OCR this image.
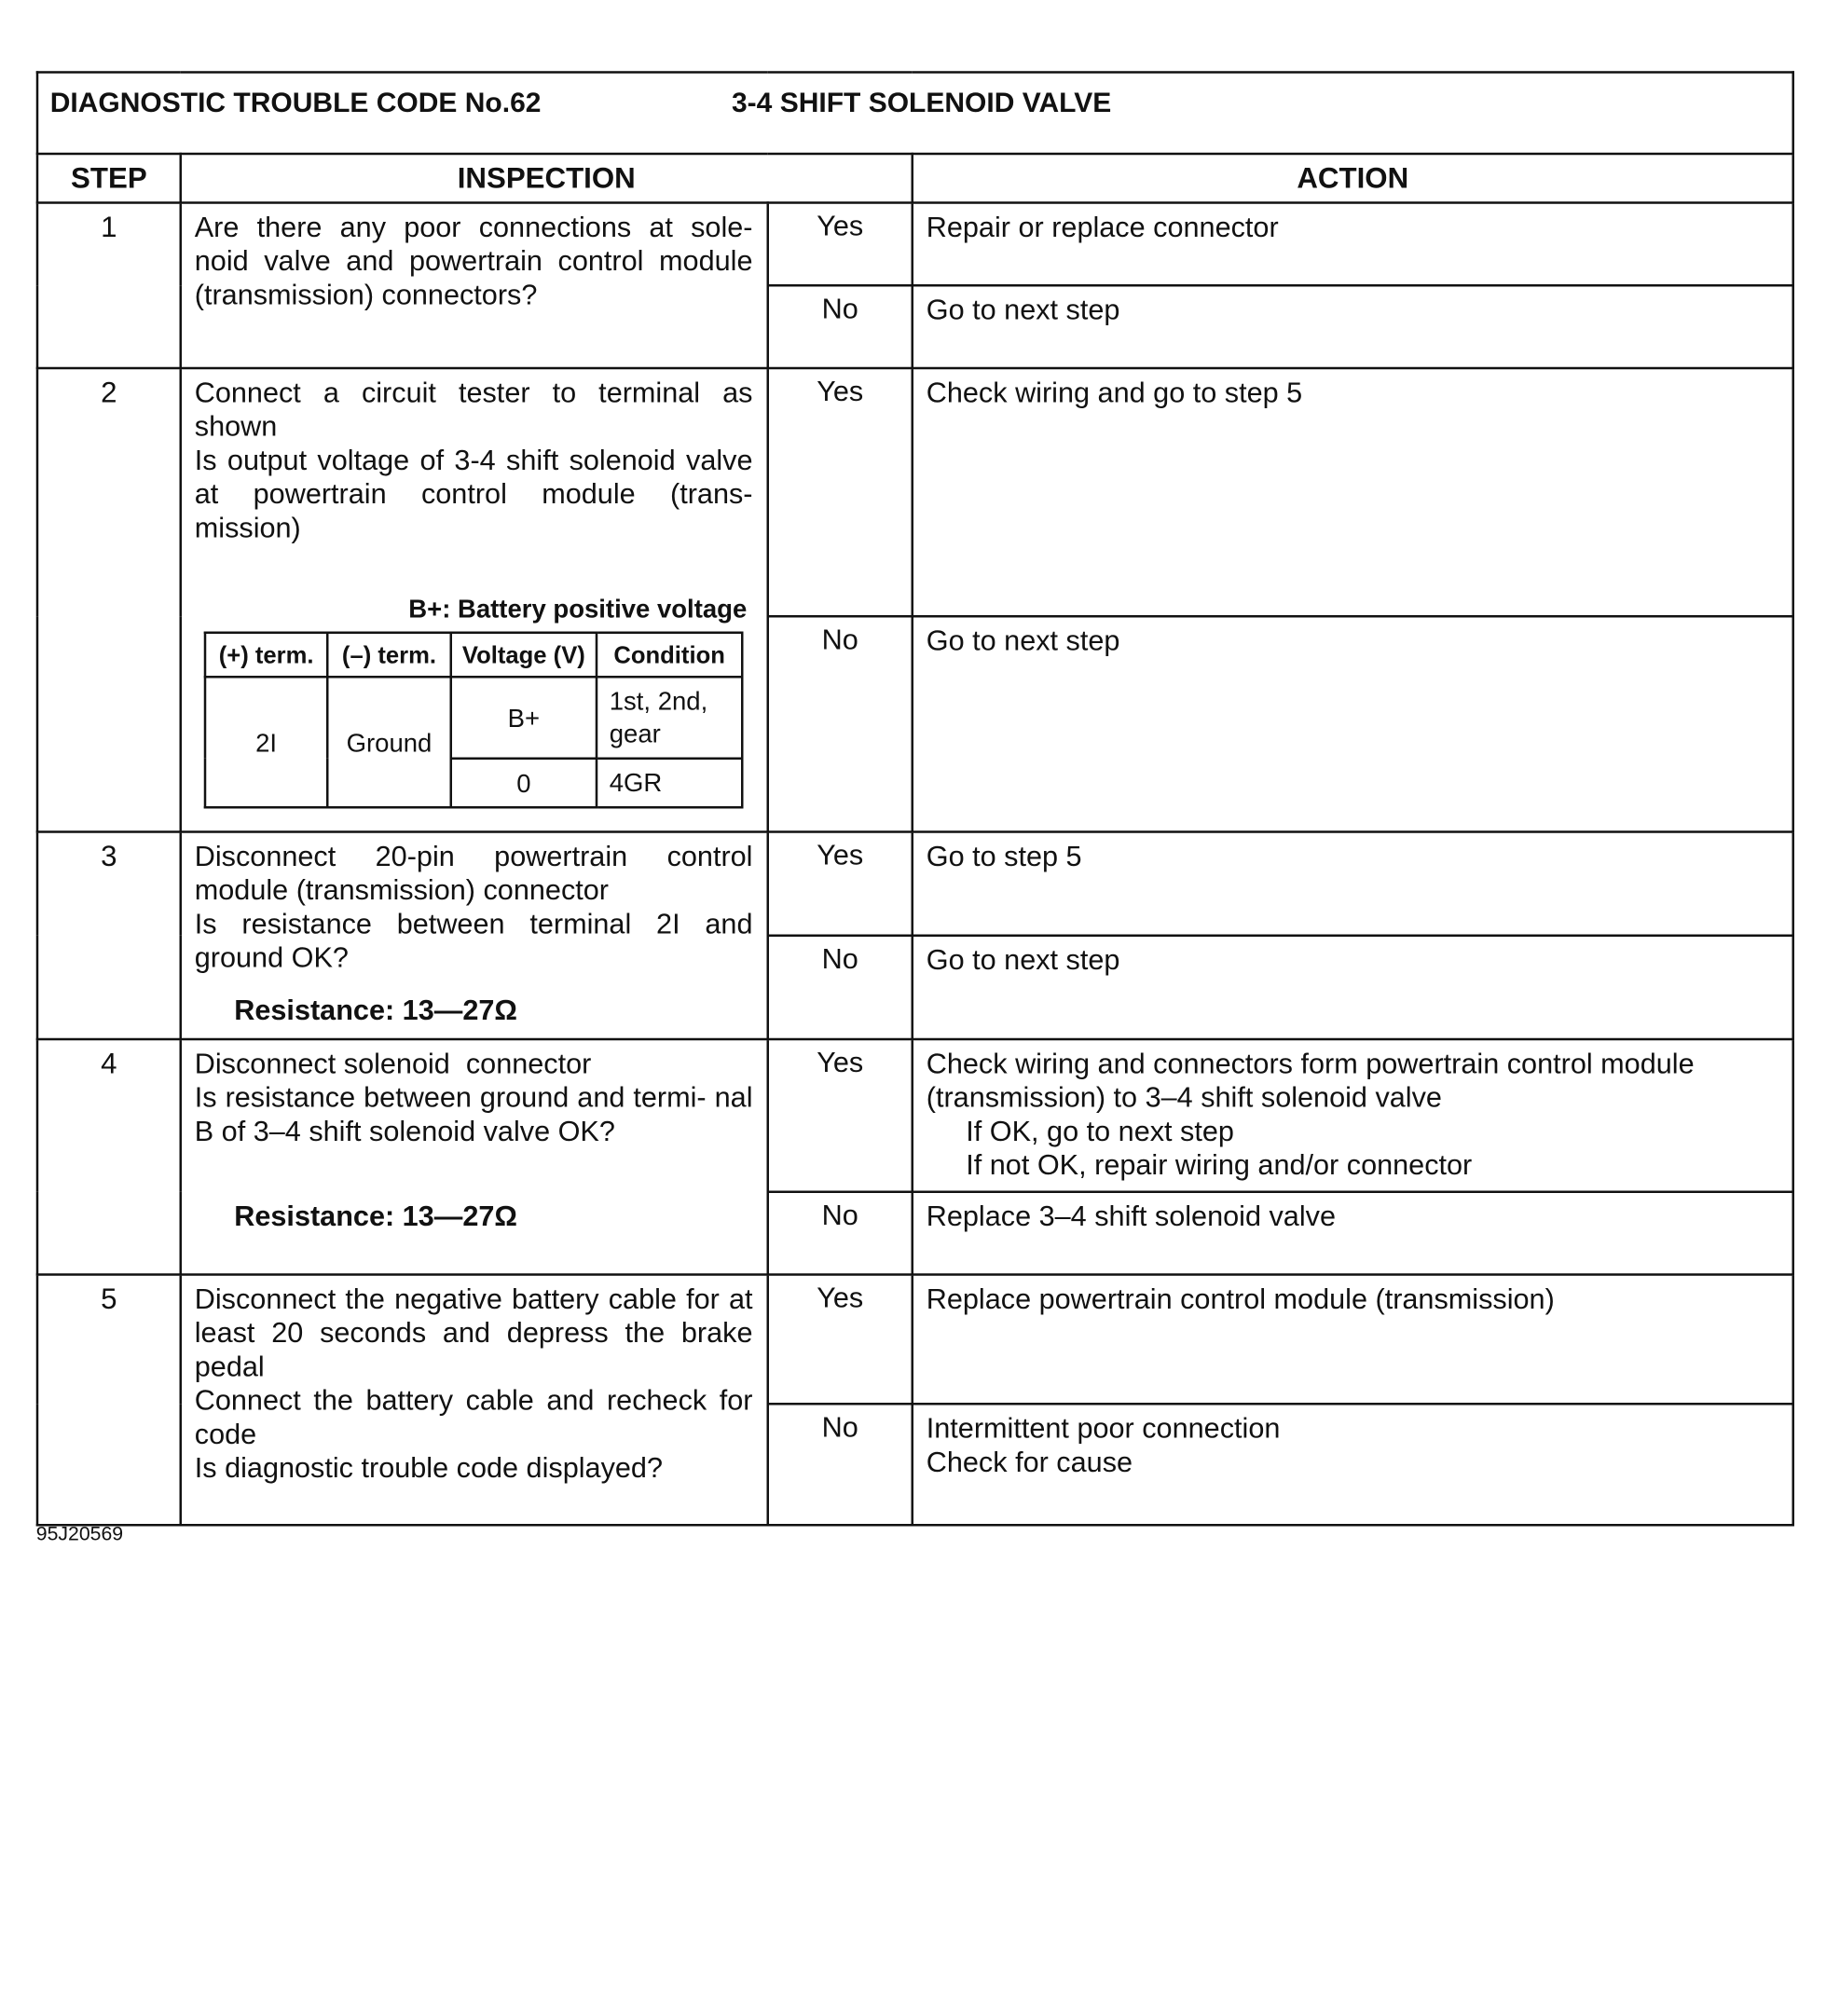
DIAGNOSTIC TROUBLE CODE No.62	3-4 SHIFT SOLENOID VALVE
STEP	INSPECTION	ACTION
1	Are there any poor connections at sole- noid valve and powertrain control module (transmission) connectors?
	Yes	Repair or replace connector

No	Go to next step

2	Connect a circuit tester to terminal as shown
Is output voltage of 3-4 shift solenoid valve at powertrain control module (trans- mission)
B+: Battery positive voltage
(+) term.	(–) term.	Voltage (V)	Condition
2I	Ground	B+	1st, 2nd, gear
0	4GR
	Yes	Check wiring and go to step 5

No	Go to next step

3	Disconnect 20-pin powertrain control module (transmission) connector
Is resistance between terminal 2I and ground OK?
Resistance: 13—27Ω
	Yes	Go to step 5

No	Go to next step

4	Disconnect solenoid  connector
Is resistance between ground and termi- nal B of 3–4 shift solenoid valve OK?
Resistance: 13—27Ω
	Yes	Check wiring and connectors form powertrain control module (transmission) to 3–4 shift solenoid valve
If OK, go to next step
If not OK, repair wiring and/or connector

No	Replace 3–4 shift solenoid valve

5	Disconnect the negative battery cable for at least 20 seconds and depress the brake pedal
Connect the battery cable and recheck for code
Is diagnostic trouble code displayed?
	Yes	Replace powertrain control module (transmission)

No	Intermittent poor connection
Check for cause
95J20569
